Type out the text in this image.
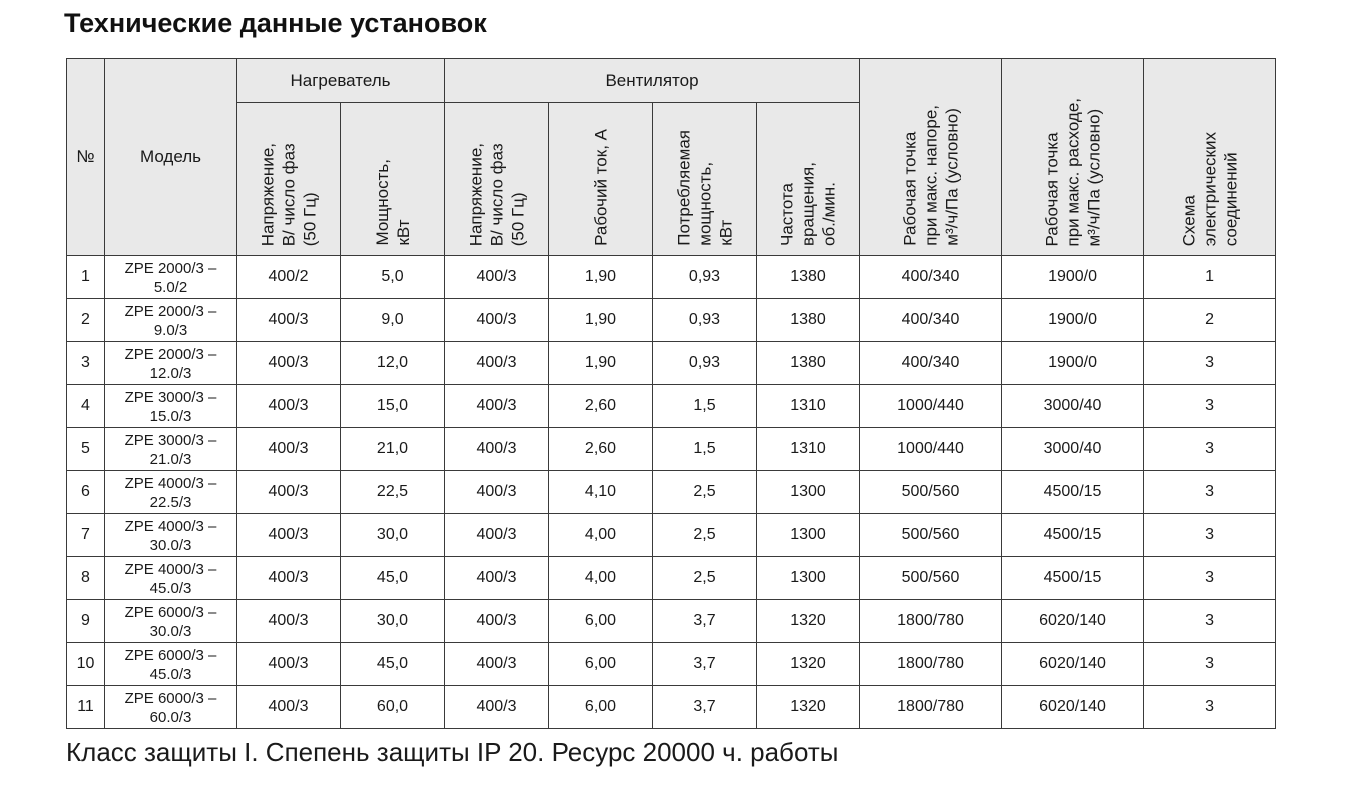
Технические данные установок
№	Модель	Нагреватель		Вентилятор				Рабочая точка
при макс. напоре,
м³/ч/Па (условно)	Рабочая точка
при макс. расходе,
м³/ч/Па (условно)	Схема
электрических
соединений

		Напряжение,
В/ число фаз
(50 Гц)	Мощность,
кВт	Напряжение,
В/ число фаз
(50 Гц)	Рабочий ток, А	Потребляемая
мощность,
кВт	Частота
вращения,
об./мин.			

1	ZPE 2000/3 –
5.0/2	400/2	5,0	400/3	1,90	0,93	1380	400/340	1900/0	1
2	ZPE 2000/3 –
9.0/3	400/3	9,0	400/3	1,90	0,93	1380	400/340	1900/0	2
3	ZPE 2000/3 –
12.0/3	400/3	12,0	400/3	1,90	0,93	1380	400/340	1900/0	3
4	ZPE 3000/3 –
15.0/3	400/3	15,0	400/3	2,60	1,5	1310	1000/440	3000/40	3
5	ZPE 3000/3 –
21.0/3	400/3	21,0	400/3	2,60	1,5	1310	1000/440	3000/40	3
6	ZPE 4000/3 –
22.5/3	400/3	22,5	400/3	4,10	2,5	1300	500/560	4500/15	3
7	ZPE 4000/3 –
30.0/3	400/3	30,0	400/3	4,00	2,5	1300	500/560	4500/15	3
8	ZPE 4000/3 –
45.0/3	400/3	45,0	400/3	4,00	2,5	1300	500/560	4500/15	3
9	ZPE 6000/3 –
30.0/3	400/3	30,0	400/3	6,00	3,7	1320	1800/780	6020/140	3
10	ZPE 6000/3 –
45.0/3	400/3	45,0	400/3	6,00	3,7	1320	1800/780	6020/140	3
11	ZPE 6000/3 –
60.0/3	400/3	60,0	400/3	6,00	3,7	1320	1800/780	6020/140	3
Класс защиты I. Спепень защиты IP 20. Ресурс 20000 ч. работы
